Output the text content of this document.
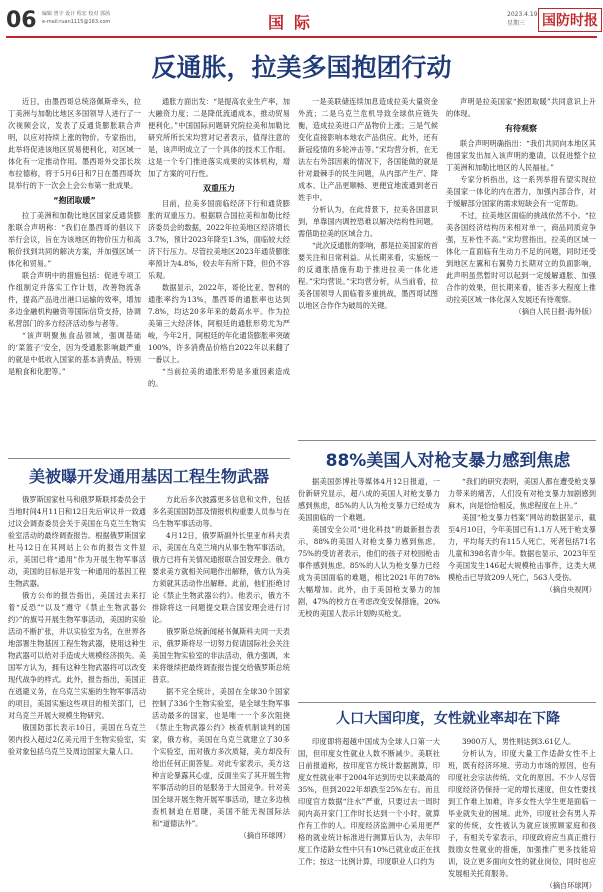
06 编辑 曾宇 设计 程宏 校对 郭茜
e-mail:ruan1115@163.com	国际	2023.4.19
星期三 国防时报
反通胀，拉美多国抱团行动

近日，由墨西哥总统洛佩斯牵头，拉丁美洲与加勒比地区多国领导人进行了一次视频会议，发表了反通货膨胀联合声明，以应对持续上涨的物价。专家指出，此举将促进该地区贸易便利化，对区域一体化有一定推动作用。墨西哥外交部长埃布拉德称，将于5月6日和7日在墨西哥坎昆举行的下一次会上会公布第一批成果。

“抱团取暖”

拉丁美洲和加勒比地区国家反通货膨胀联合声明称：“我们在墨西哥的倡议下举行会议，旨在为该地区的物价压力和高粮价找到共同的解决方案，并加强区域一体化和贸易。”

联合声明中的措施包括：促进专项工作组制定并落实工作计划，改善物流条件，提高产品进出港口运输的效率，增加多边金融机构融资等国际信贷支持，协调私营部门的多方经济活动参与者等。

“该声明聚焦食品领域，强调基础的‘菜篮子’安全，因为受通胀影响最严重的就是中低收入国家的基本消费品，特别是粮食和化肥等。”

通胀方面出发：“是提高农业生产率，加大融资力度；二是降低流通成本，推动贸易便利化。”中国国际问题研究院拉美和加勒比研究所所长宋均营对记者表示，值得注意的是，该声明成立了一个具体的技术工作组。这是一个专门推进落实成果的实体机构，增加了方案的可行性。

双重压力

目前，拉美多国面临经济下行和通货膨胀的双重压力。根据联合国拉美和加勒比经济委员会的数据，2022年拉美地区经济增长3.7%，预计2023年降至1.3%，面临较大经济下行压力。尽管拉美地区2023年通货膨胀率预计为4.8%，较去年有所下降，但仍不容乐观。

数据显示，2022年，哥伦比亚、智利的通胀率约为13%，墨西哥的通胀率也达到7.8%，均达20多年来的最高水平。作为拉美第三大经济体，阿根廷的通胀形势尤为严峻，今年2月，阿根廷的年化通货膨胀率突破100%，许多消费品价格自2022年以来翻了一番以上。

“当前拉美的通胀形势是多重因素造成的。

一是美联储连续加息造成拉美大量资金外流；二是乌克兰危机导致全球供应链失衡，造成拉美进口产品物价上涨；三是气候变化直接影响本地农产品供应。此外，还有新冠疫情的多轮冲击等。”宋均营分析，在无法左右外部因素的情况下，各国能做的就是针对最棘手的民生问题，从内部产生产、降成本、让产品更顺畅、更便宜地流通到老百姓手中。

分析认为，在此背景下，拉美各国意识到，单靠国内调控恐难以解决结构性问题，需借助拉美的区域合力。

“此次反通胀的影响，都是拉美国家的首要关注和日常利益。从长期来看，实施统一的反通胀措施有助于推进拉美一体化进程。”宋均营说。”宋均营分析，从当前看，拉美各国领导人面临着多重挑战，墨西哥试图以地区合作作为破局的关键。

声明是拉美国家“抱团取暖”共同意识上升的体现。

有待观察

联合声明明确指出：“我们共同向本地区其他国家发出加入该声明的邀请，以促进整个拉丁美洲和加勒比地区的人民福祉。”

专家分析指出，这一系列举措有望实现拉美国家一体化的内在潜力，加强内部合作，对于缓解部分国家的需求短缺会有一定帮助。

不过，拉美地区面临的挑战依然不小。“拉美各国经济结构历来相对单一，商品同质竞争强，互补性不高。”宋均营指出，拉美的区域一体化一直面临有生动力不足的问题，同时还受到地区左翼和右翼势力长期对立的负面影响，此声明虽然暂时可以起到一定缓解通胀、加强合作的效果，但长期来看，能否多大程度上推动拉美区域一体化深入发展还有待观察。

（摘自人民日报·海外版）
88%美国人对枪支暴力感到焦虑

据美国彭博社等媒体4月12日报道，一份新研究显示，超八成的美国人对枪支暴力感到焦虑，85%的人认为枪支暴力已经成为美国面临的一个难题。

美国安全公司“进化科技”的最新报告表示，88%的美国人对枪支暴力感到焦虑，75%的受访者表示，他们的孩子对校园枪击事件感到焦虑。85%的人认为枪支暴力已经成为美国面临的难题，相比2021年的78%大幅增加。此外，由于美国枪支暴力的加剧，47%的校方在考虑改变安保措施，20%无校的美国人表示计划购买枪支。

“我们的研究表明，美国人都在遭受枪支暴力带来的痛苦，人们没有对枪支暴力加剧感到麻木，向是恰恰相反，焦虑程度在上升。”

美国“枪支暴力档案”网站的数据显示，截至4月10日，今年美国已有1.1万人死于枪支暴力，平均每天约有115人死亡，死者包括71名儿童和398名青少年。数据也显示，2023年至今美国发生146起大规模枪击事件，这类大规模枪击已导致209人死亡，563人受伤。

（摘自央视网）
美被曝开发通用基因工程生物武器

俄罗斯国家杜马和俄罗斯联邦委员会于当地时间4月11日和12日先后审议并一致通过议会调查委员会关于美国在乌克兰生物实验室活动的最终调查报告。根据俄罗斯国家杜马12日在其网站上公布的报告文件显示，美国已将“通用”作为开展生物军事活动，美国的目标是开发一种通用的基因工程生物武器。

俄方公布的报告指出，美国过去来打着“反恐”“以及”遵守《禁止生物武器公约》”的旗号开展生物军事活动，美国的实验活动不断扩张，并以实验室为名，在世界各地部署生物基因工程生物武器，使用这种生物武器可以给对手造成大规模经济损失。美国军方认为，拥有这种生物武器将可以改变现代战争的样式。此外，报告指出，美国正在逃避义务，在乌克兰实施的生物军事活动的项目，美国实施这些项目的相关部门，已对乌克兰开展大规模生物研究。

俄国防部长表示10日，美国在乌克兰领内投入超过2亿美元用于生物实验室，实验对象包括乌克兰及周边国家大量人口。

方此后多次披露更多信息和文件，包括多名美国国防部及情报机构重要人员参与在乌生物军事活动等。

4月12日，俄罗斯副外长里亚布科夫表示，美国在乌克兰境内从事生物军事活动，俄方已将有关情况通报联合国安理会。俄方要求美方就相关问题作出解释，俄方认为美方须就其活动作出解释。此前，他们拒绝讨论《禁止生物武器公约》。他表示，俄方不排除将这一问题提交联合国安理会进行讨论。

俄罗斯总统新闻秘书佩斯科夫同一天表示，俄罗斯将尽一切努力促请国际社会关注美国生物实验室的非法活动，俄方强调，未来将继续把最终调查报告提交给俄罗斯总统普京。

据不完全统计，美国在全球30个国家控制了336个生物实验室，是全球生物军事活动最多的国家，也是唯一一个多次阻挠《禁止生物武器公约》核查机制谈判的国家，俄方称，美国在乌克兰就建立了30多个实验室，而对俄方多次质疑，美方却没有给出任何正面答复。对此专家表示，美方这种言论暴露其心虚，反面坐实了其开展生物军事活动的目的是服务于大国竞争。针对美国全球开展生物开展军事活动，建立多边核查机制迫在眉睫，美国不能无视国际法和“道德法外”。

（摘自环球网）
人口大国印度，女性就业率却在下降

印度即将超越中国成为全球人口第一大国，但印度女性就业人数不断减少。美联社日前报道称，按印度官方统计数据测算，印度女性就业率于2004年达到历史以来最高的35%，但到2022年却跌至25%左右。而且印度官方数据“注水”严重，只要过去一周时间内高开家门工作时长达到一个小时，就算作有工作的人。印度经济监测中心采用更严格的就业统计标准进行测算后认为，去年印度工作适龄女性中只有10%已就业或正在找工作；按这一比例计算，印度职业人口约为

3900万人，男性则达到3.61亿人。

分析认为，印度大量工作适龄女性不上班，既有经济环境、劳动力市场的原因，也有印度社会宗法传统、文化的原因。不少人尽管印度经济仍保持一定的增长速度，但女性要找到工作难上加难，许多女性大学生更是面临一毕业就失业的困境。此外，印度社会有男人养家的传统，女性被认为就应该照顾家庭和孩子，有相关专家表示，印度政府应当真正推行鼓励女性就业的措施，加强推广更多技能培训，设立更多面向女性的就业岗位，同时也应发展相关托育服务。

（摘自环球网）
